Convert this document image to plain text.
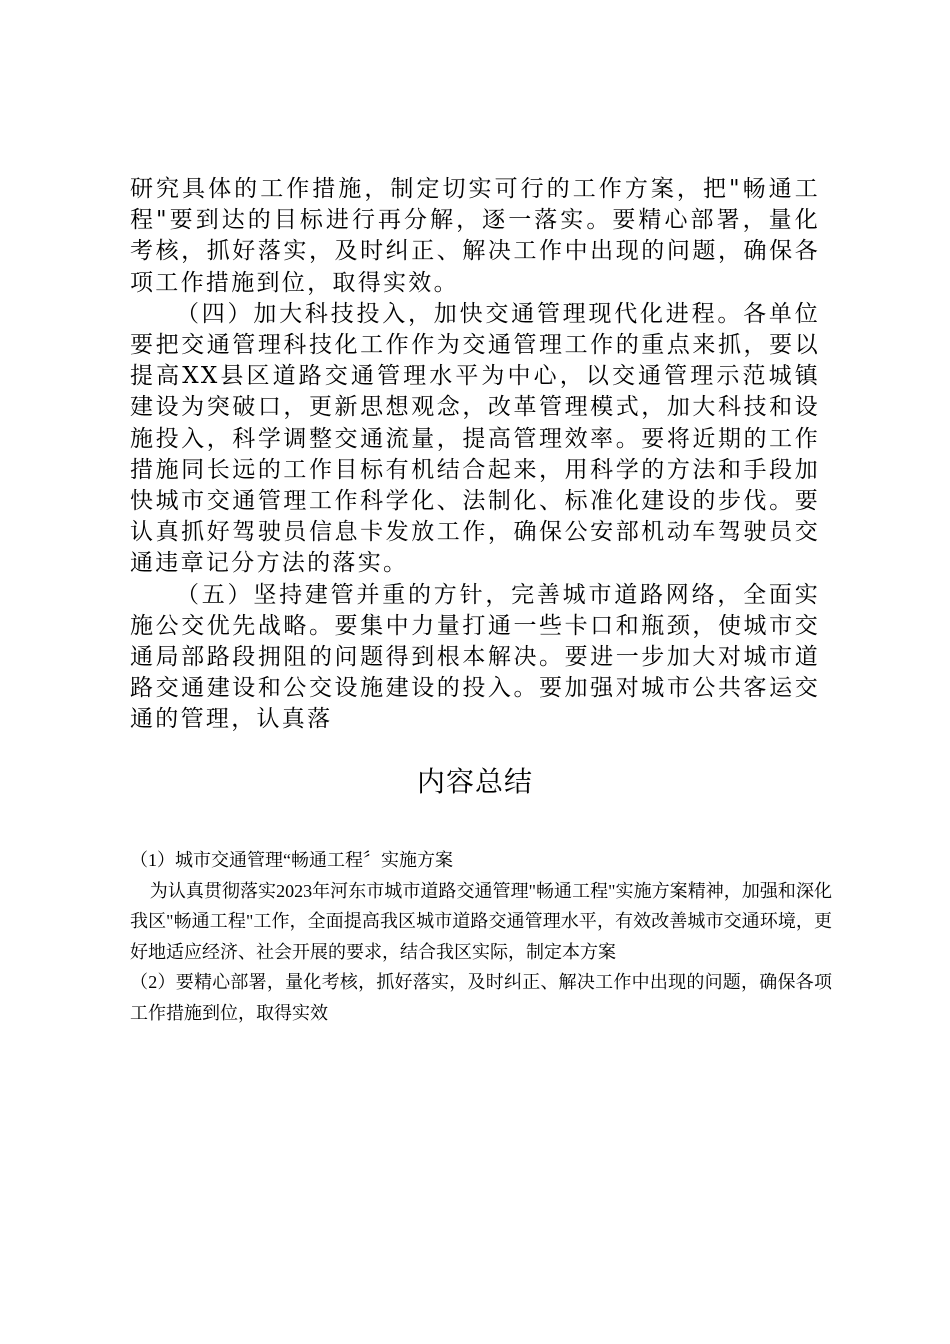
研究具体的工作措施，制定切实可行的工作方案，把"畅通工程"要到达的目标进行再分解，逐一落实。要精心部署，量化考核，抓好落实，及时纠正、解决工作中出现的问题，确保各项工作措施到位，取得实效。

（四）加大科技投入，加快交通管理现代化进程。各单位要把交通管理科技化工作作为交通管理工作的重点来抓，要以提高XX县区道路交通管理水平为中心，以交通管理示范城镇建设为突破口，更新思想观念，改革管理模式，加大科技和设施投入，科学调整交通流量，提高管理效率。要将近期的工作措施同长远的工作目标有机结合起来，用科学的方法和手段加快城市交通管理工作科学化、法制化、标准化建设的步伐。要认真抓好驾驶员信息卡发放工作，确保公安部机动车驾驶员交通违章记分方法的落实。

（五）坚持建管并重的方针，完善城市道路网络，全面实施公交优先战略。要集中力量打通一些卡口和瓶颈，使城市交通局部路段拥阻的问题得到根本解决。要进一步加大对城市道路交通建设和公交设施建设的投入。要加强对城市公共客运交通的管理，认真落

内容总结

（1）城市交通管理“畅通工程〞实施方案

为认真贯彻落实2023年河东市城市道路交通管理"畅通工程"实施方案精神，加强和深化我区"畅通工程"工作，全面提高我区城市道路交通管理水平，有效改善城市交通环境，更好地适应经济、社会开展的要求，结合我区实际，制定本方案

（2）要精心部署，量化考核，抓好落实，及时纠正、解决工作中出现的问题，确保各项工作措施到位，取得实效
